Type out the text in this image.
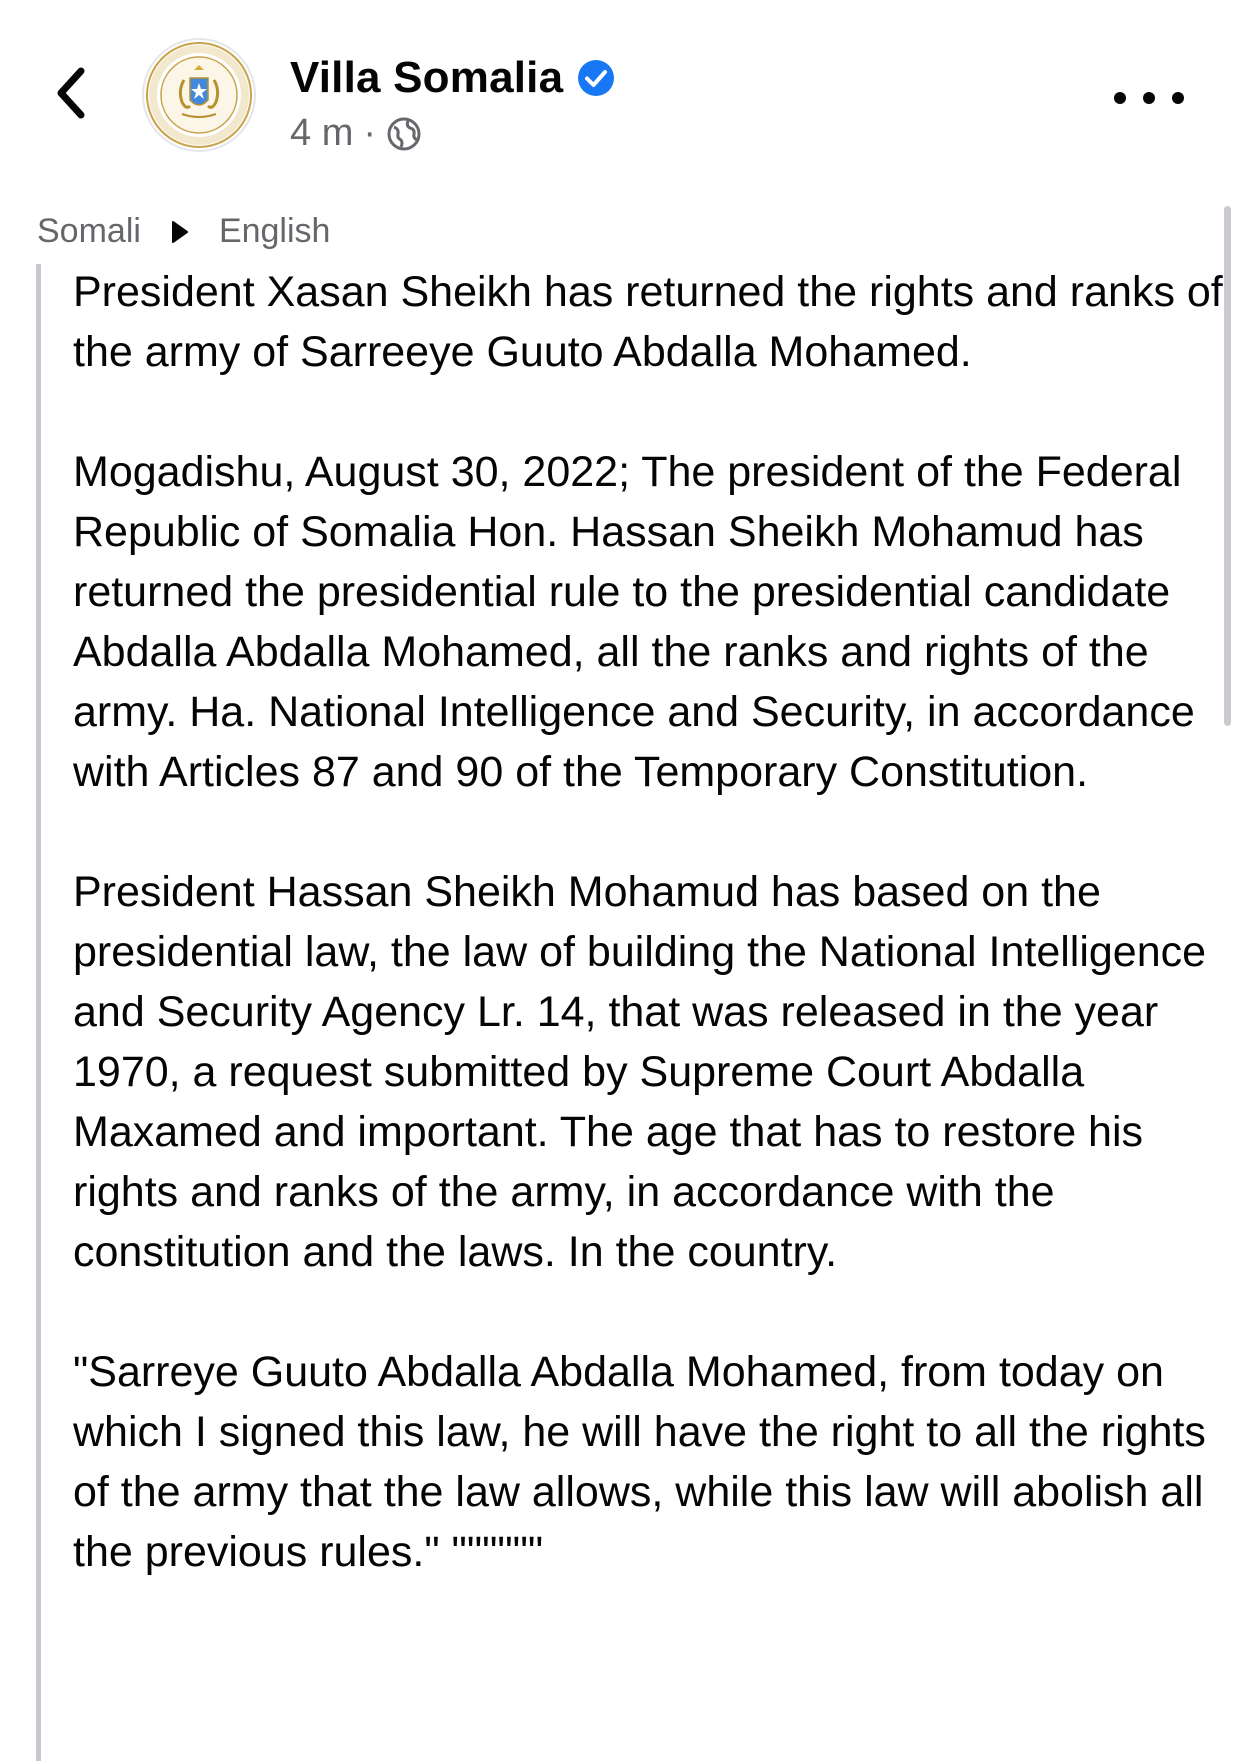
Villa Somalia
4 m ·
Somali English

President Xasan Sheikh has returned the rights and ranks of the army of Sarreeye Guuto Abdalla Mohamed.

Mogadishu, August 30, 2022; The president of the Federal Republic of Somalia Hon. Hassan Sheikh Mohamud has returned the presidential rule to the presidential candidate Abdalla Abdalla Mohamed, all the ranks and rights of the army. Ha. National Intelligence and Security, in accordance with Articles 87 and 90 of the Temporary Constitution.

President Hassan Sheikh Mohamud has based on the presidential law, the law of building the National Intelligence and Security Agency Lr. 14, that was released in the year 1970, a request submitted by Supreme Court Abdalla Maxamed and important. The age that has to restore his rights and ranks of the army, in accordance with the constitution and the laws. In the country.

"Sarreye Guuto Abdalla Abdalla Mohamed, from today on which I signed this law, he will have the right to all the rights of the army that the law allows, while this law will abolish all the previous rules." """"""
